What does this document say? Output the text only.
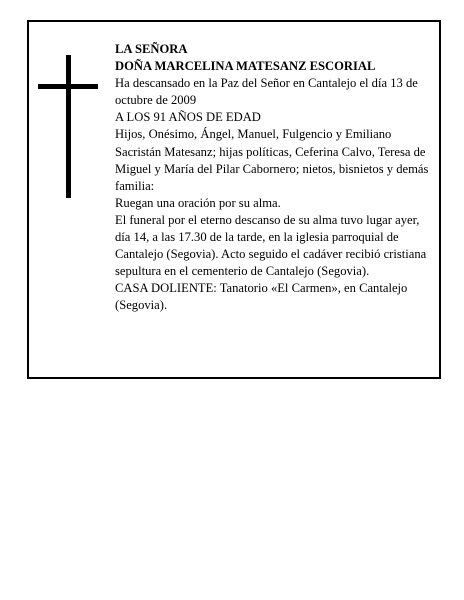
LA SEÑORA

DOÑA MARCELINA MATESANZ ESCORIAL

Ha descansado en la Paz del Señor en Cantalejo el día 13 de octubre de 2009

A LOS 91 AÑOS DE EDAD

Hijos, Onésimo, Ángel, Manuel, Fulgencio y Emiliano Sacristán Matesanz; hijas políticas, Ceferina Calvo, Teresa de Miguel y María del Pilar Cabornero; nietos, bisnietos y demás familia:

Ruegan una oración por su alma.

El funeral por el eterno descanso de su alma tuvo lugar ayer, día 14, a las 17.30 de la tarde, en la iglesia parroquial de Cantalejo (Segovia). Acto seguido el cadáver recibió cristiana sepultura en el cementerio de Cantalejo (Segovia).

CASA DOLIENTE: Tanatorio «El Carmen», en Cantalejo (Segovia).
